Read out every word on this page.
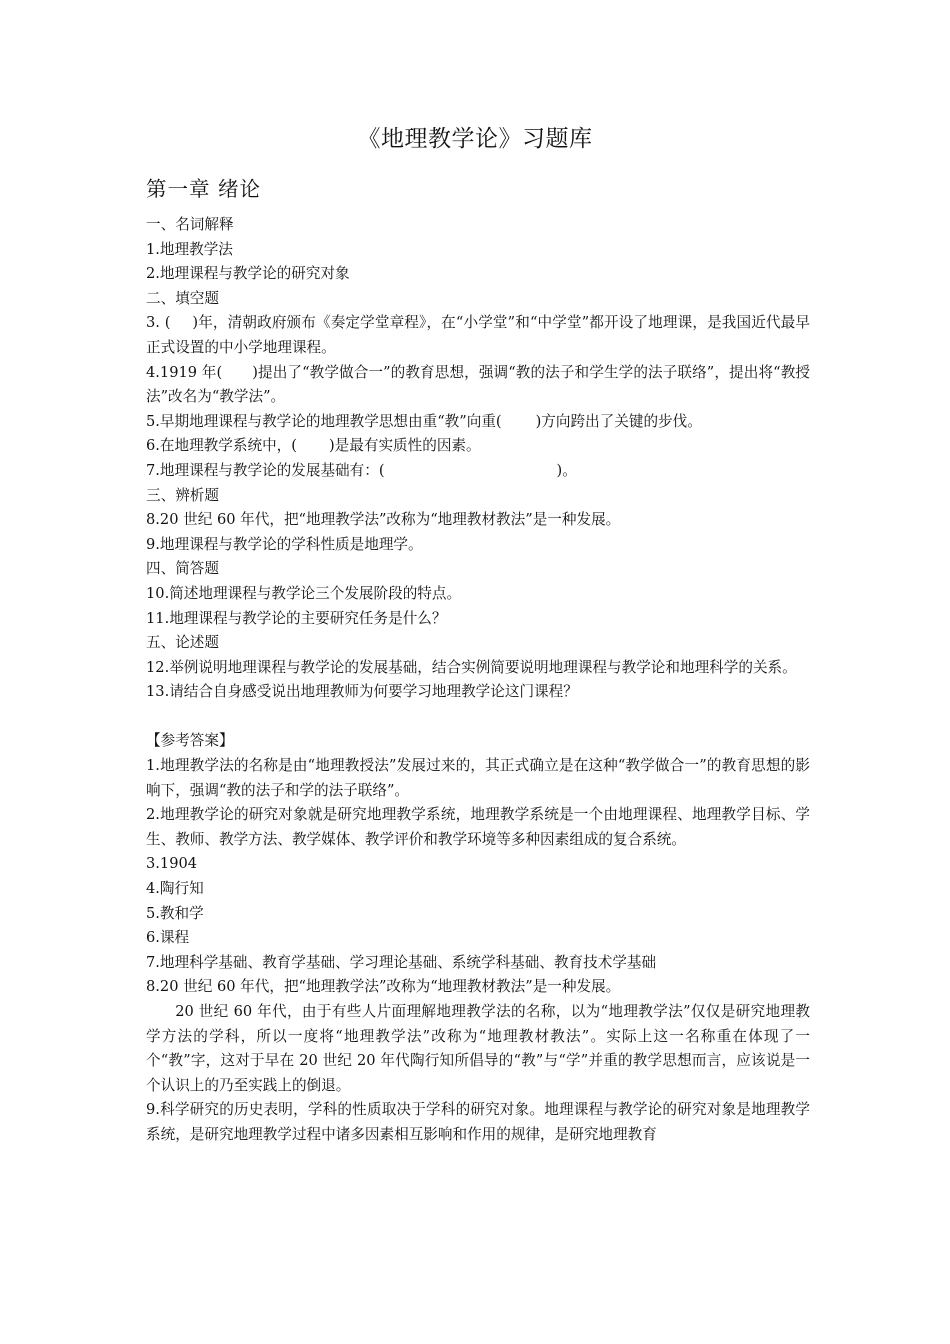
《地理教学论》习题库
第一章 绪论

一、名词解释

1.地理教学法

2.地理课程与教学论的研究对象

二、填空题

3. ( )年，清朝政府颁布《奏定学堂章程》，在“小学堂”和“中学堂”都开设了地理课，是我国近代最早正式设置的中小学地理课程。

4.1919 年( )提出了“教学做合一”的教育思想，强调“教的法子和学生学的法子联络”，提出将“教授法”改名为“教学法”。

5.早期地理课程与教学论的地理教学思想由重“教”向重( )方向跨出了关键的步伐。

6.在地理教学系统中，( )是最有实质性的因素。

7.地理课程与教学论的发展基础有：(	)。

三、辨析题

8.20 世纪 60 年代，把“地理教学法”改称为“地理教材教法”是一种发展。

9.地理课程与教学论的学科性质是地理学。

四、简答题

10.简述地理课程与教学论三个发展阶段的特点。

11.地理课程与教学论的主要研究任务是什么？

五、论述题

12.举例说明地理课程与教学论的发展基础，结合实例简要说明地理课程与教学论和地理科学的关系。

13.请结合自身感受说出地理教师为何要学习地理教学论这门课程？

【参考答案】

1.地理教学法的名称是由“地理教授法”发展过来的，其正式确立是在这种“教学做合一”的教育思想的影响下，强调“教的法子和学的法子联络”。

2.地理教学论的研究对象就是研究地理教学系统，地理教学系统是一个由地理课程、地理教学目标、学生、教师、教学方法、教学媒体、教学评价和教学环境等多种因素组成的复合系统。

3.1904

4.陶行知

5.教和学

6.课程

7.地理科学基础、教育学基础、学习理论基础、系统学科基础、教育技术学基础

8.20 世纪 60 年代，把“地理教学法”改称为“地理教材教法”是一种发展。

20 世纪 60 年代，由于有些人片面理解地理教学法的名称，以为“地理教学法”仅仅是研究地理教学方法的学科，所以一度将“地理教学法”改称为“地理教材教法”。实际上这一名称重在体现了一个“教”字，这对于早在 20 世纪 20 年代陶行知所倡导的“教”与“学”并重的教学思想而言，应该说是一个认识上的乃至实践上的倒退。

9.科学研究的历史表明，学科的性质取决于学科的研究对象。地理课程与教学论的研究对象是地理教学系统，是研究地理教学过程中诸多因素相互影响和作用的规律，是研究地理教育
